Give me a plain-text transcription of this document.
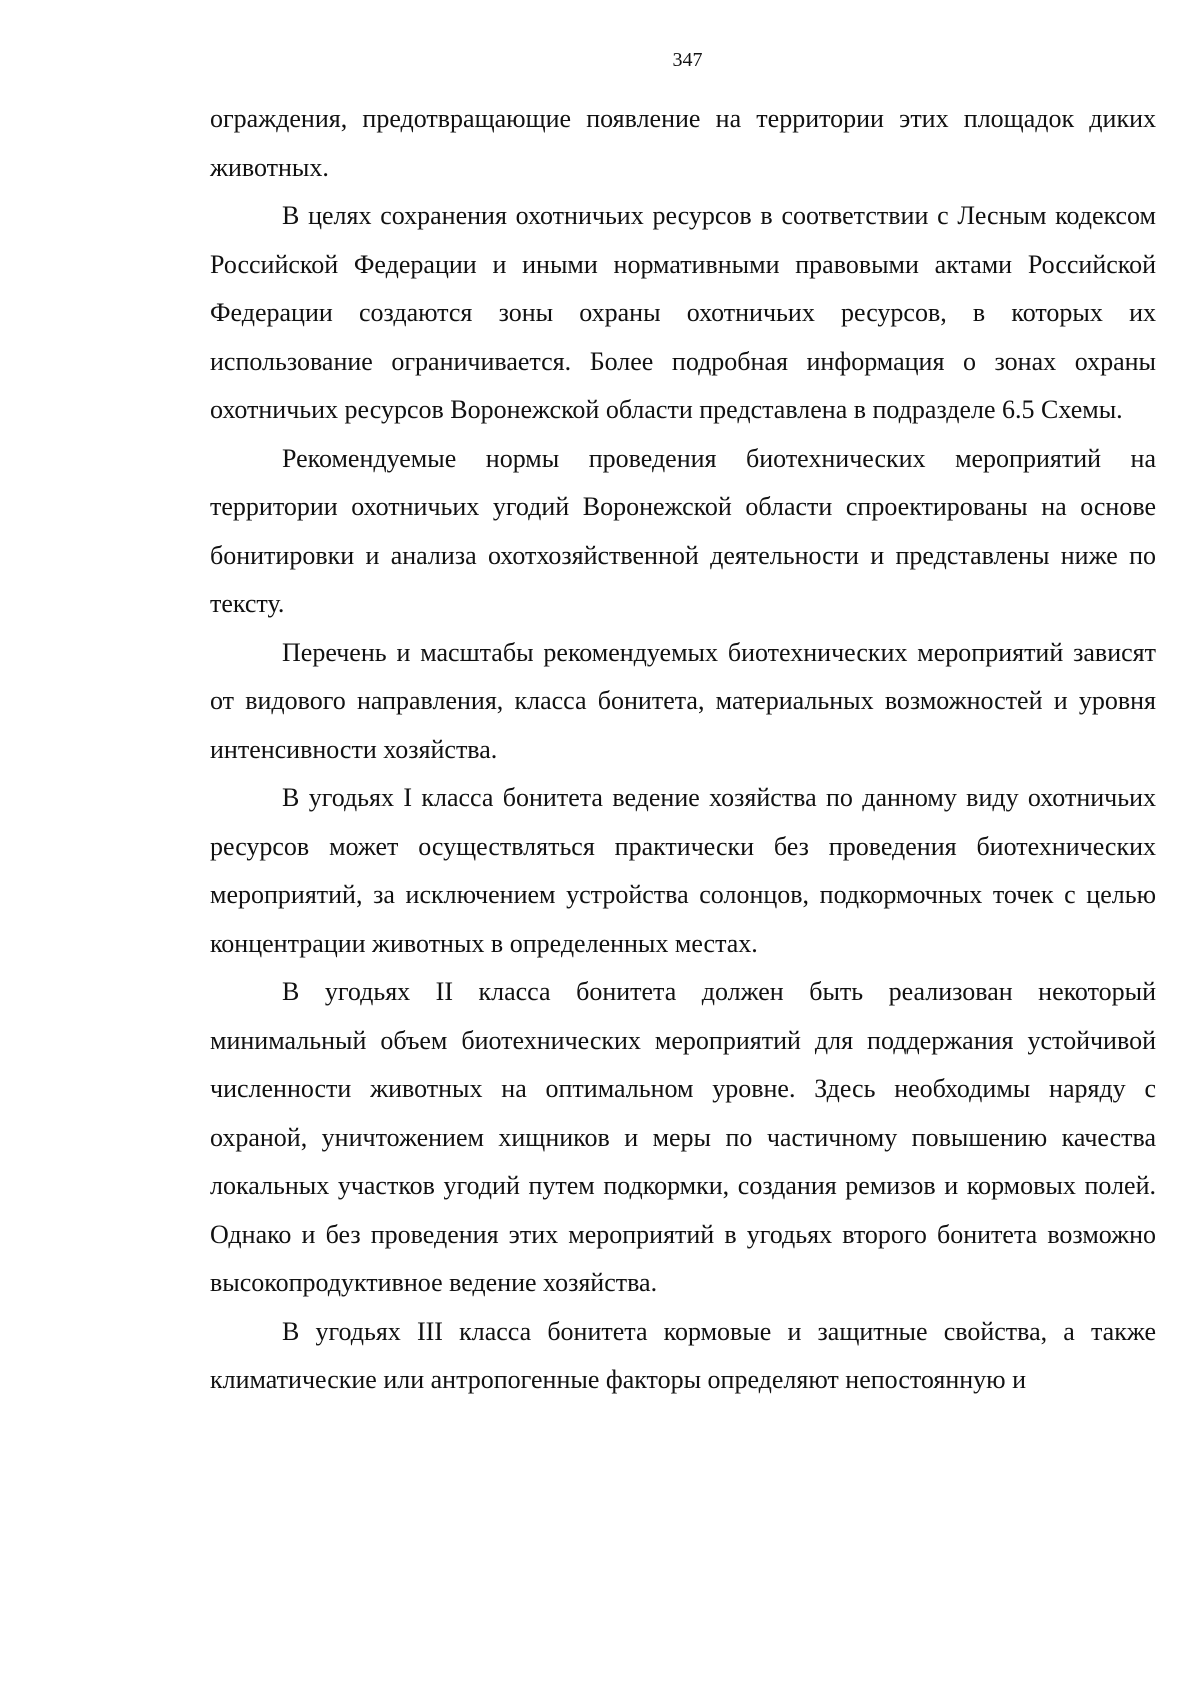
347

ограждения, предотвращающие появление на территории этих площадок диких животных.

В целях сохранения охотничьих ресурсов в соответствии с Лесным кодексом Российской Федерации и иными нормативными правовыми актами Российской Федерации создаются зоны охраны охотничьих ресурсов, в которых их использование ограничивается. Более подробная информация о зонах охраны охотничьих ресурсов Воронежской области представлена в подразделе 6.5 Схемы.

Рекомендуемые нормы проведения биотехнических мероприятий на территории охотничьих угодий Воронежской области спроектированы на основе бонитировки и анализа охотхозяйственной деятельности и представлены ниже по тексту.

Перечень и масштабы рекомендуемых биотехнических мероприятий зависят от видового направления, класса бонитета, материальных возможностей и уровня интенсивности хозяйства.

В угодьях I класса бонитета ведение хозяйства по данному виду охотничьих ресурсов может осуществляться практически без проведения биотехнических мероприятий, за исключением устройства солонцов, подкормочных точек с целью концентрации животных в определенных местах.

В угодьях II класса бонитета должен быть реализован некоторый минимальный объем биотехнических мероприятий для поддержания устойчивой численности животных на оптимальном уровне. Здесь необходимы наряду с охраной, уничтожением хищников и меры по частичному повышению качества локальных участков угодий путем подкормки, создания ремизов и кормовых полей. Однако и без проведения этих мероприятий в угодьях второго бонитета возможно высокопродуктивное ведение хозяйства.

В угодьях III класса бонитета кормовые и защитные свойства, а также климатические или антропогенные факторы определяют непостоянную и
